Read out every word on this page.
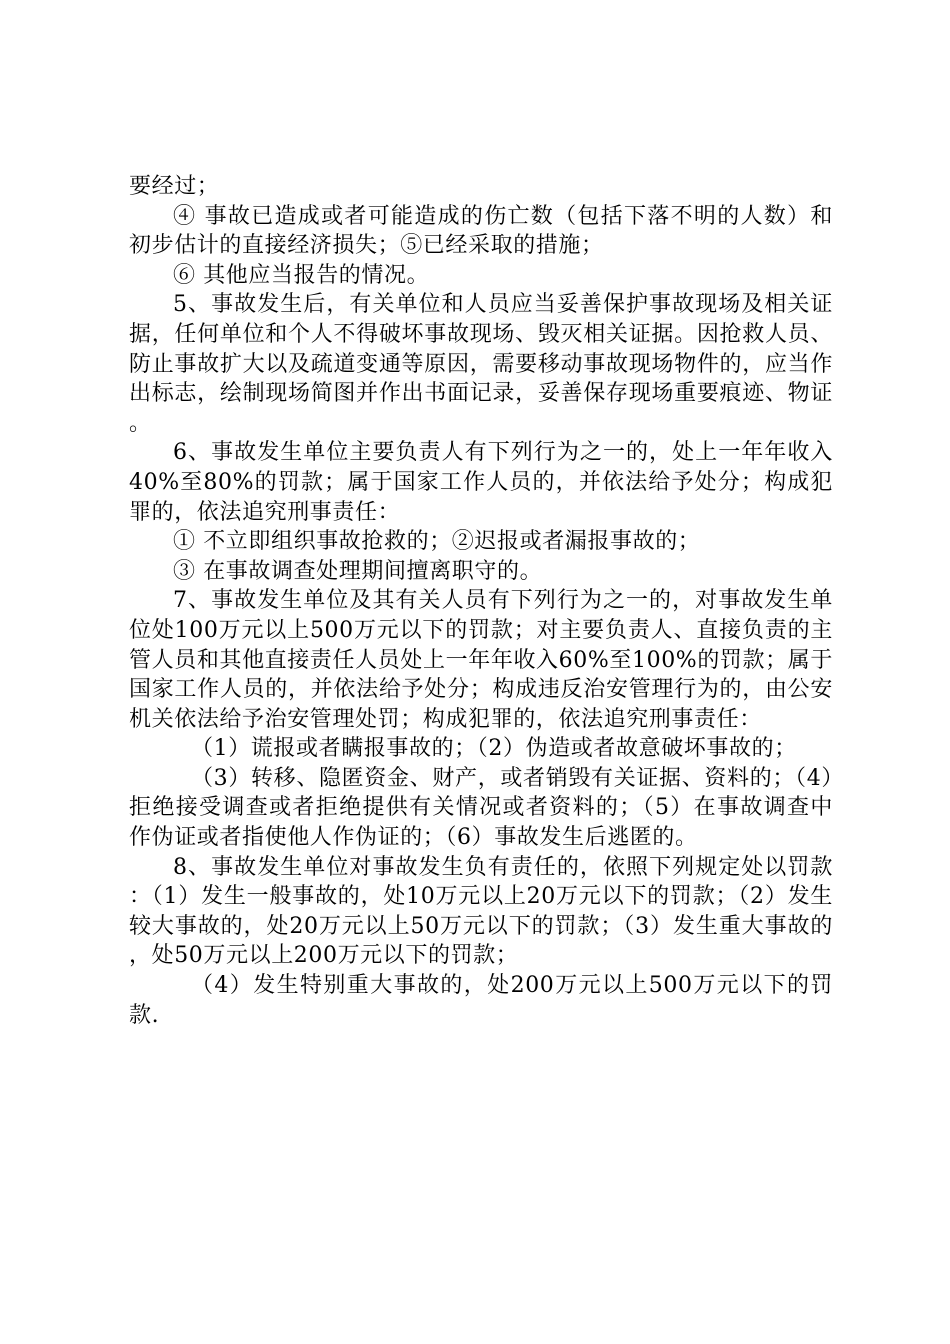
要经过；

④ 事故已造成或者可能造成的伤亡数（包括下落不明的人数）和初步估计的直接经济损失；⑤已经采取的措施；

⑥ 其他应当报告的情况。

5、事故发生后，有关单位和人员应当妥善保护事故现场及相关证据，任何单位和个人不得破坏事故现场、毁灭相关证据。因抢救人员、防止事故扩大以及疏道变通等原因，需要移动事故现场物件的，应当作出标志，绘制现场简图并作出书面记录，妥善保存现场重要痕迹、物证。

6、事故发生单位主要负责人有下列行为之一的，处上一年年收入40%至80%的罚款；属于国家工作人员的，并依法给予处分；构成犯罪的，依法追究刑事责任：

① 不立即组织事故抢救的；②迟报或者漏报事故的；

③ 在事故调查处理期间擅离职守的。

7、事故发生单位及其有关人员有下列行为之一的，对事故发生单位处100万元以上500万元以下的罚款；对主要负责人、直接负责的主管人员和其他直接责任人员处上一年年收入60%至100%的罚款；属于国家工作人员的，并依法给予处分；构成违反治安管理行为的，由公安机关依法给予治安管理处罚；构成犯罪的，依法追究刑事责任：

（1）谎报或者瞒报事故的；（2）伪造或者故意破坏事故的；

（3）转移、隐匿资金、财产，或者销毁有关证据、资料的；（4）拒绝接受调查或者拒绝提供有关情况或者资料的；（5）在事故调查中作伪证或者指使他人作伪证的；（6）事故发生后逃匿的。

8、事故发生单位对事故发生负有责任的，依照下列规定处以罚款：（1）发生一般事故的，处10万元以上20万元以下的罚款；（2）发生较大事故的，处20万元以上50万元以下的罚款；（3）发生重大事故的，处50万元以上200万元以下的罚款；

（4）发生特别重大事故的，处200万元以上500万元以下的罚款.
